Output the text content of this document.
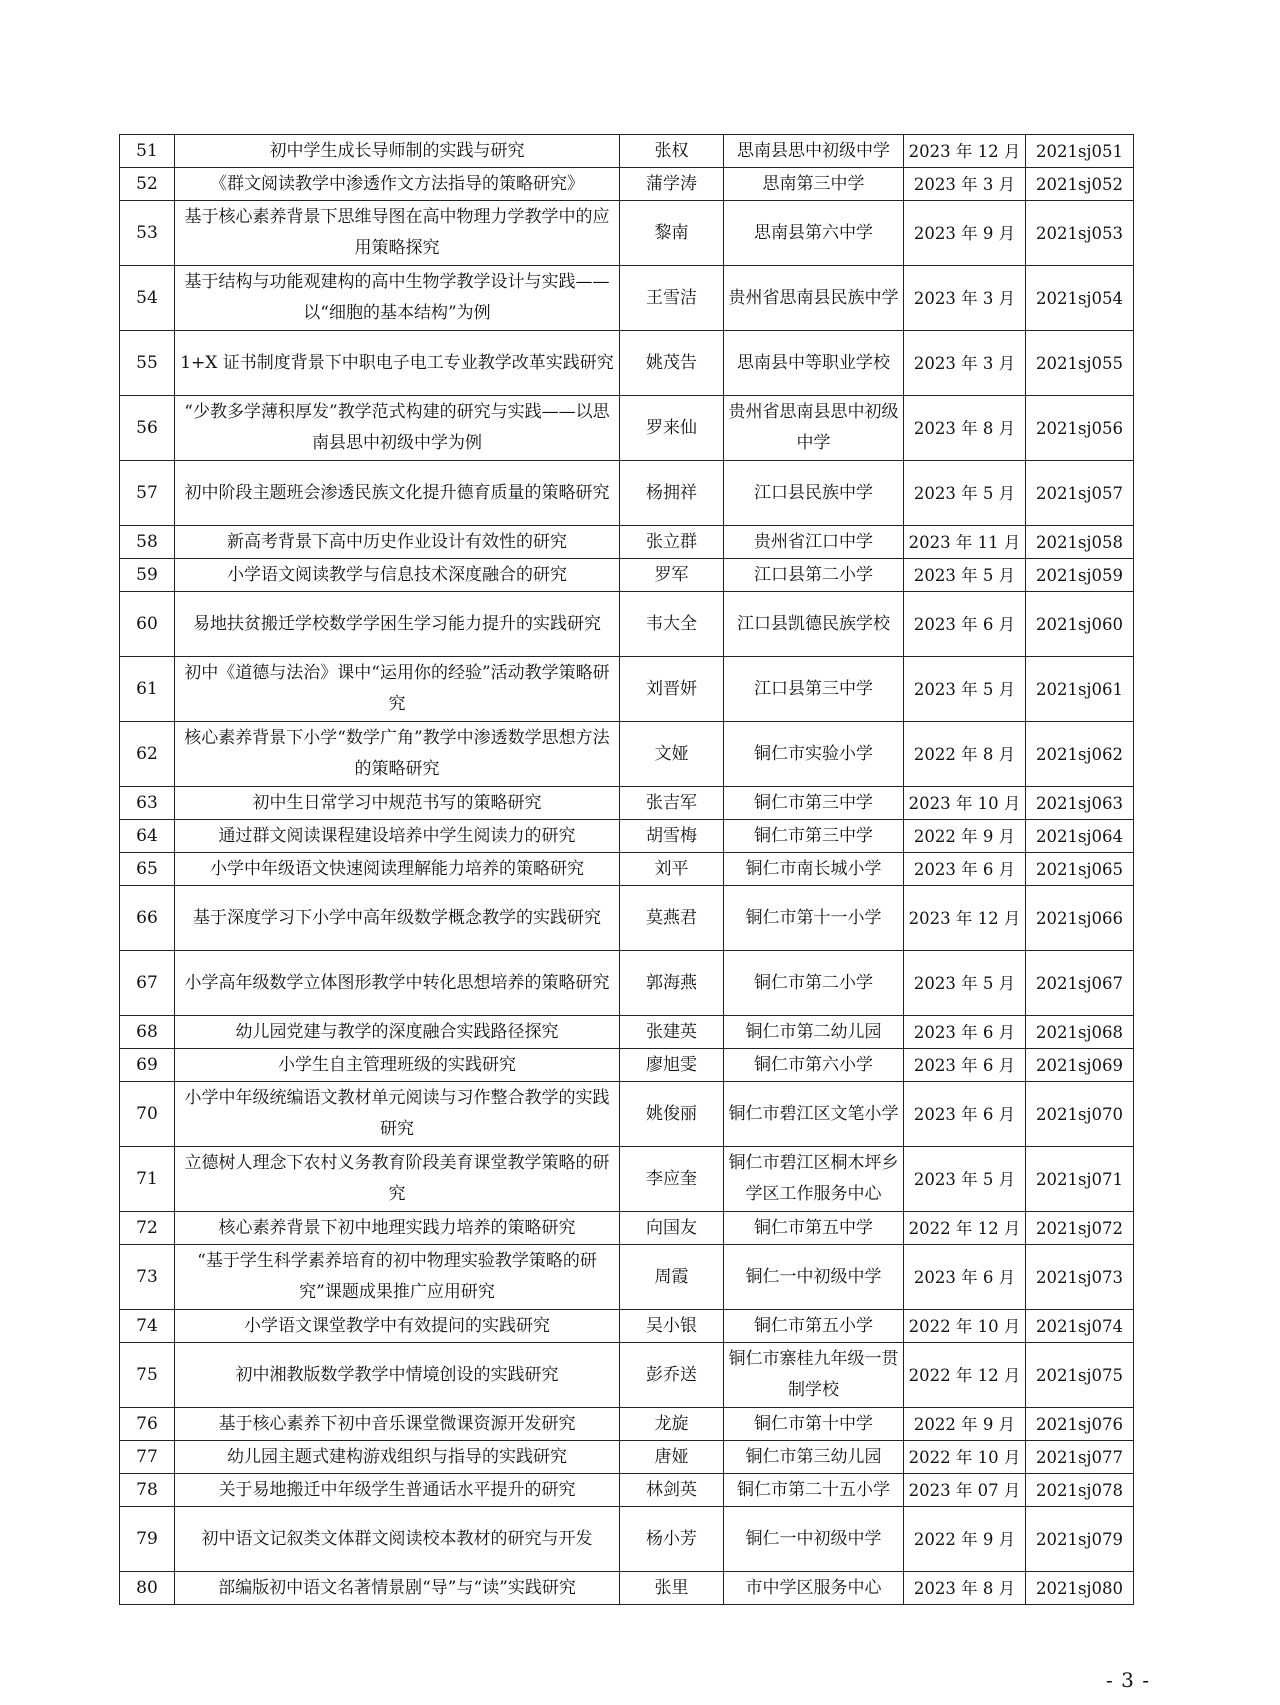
51	初中学生成长导师制的实践与研究	张权	思南县思中初级中学	2023 年 12 月	2021sj051
52	《群文阅读教学中渗透作文方法指导的策略研究》	蒲学涛	思南第三中学	2023 年 3 月	2021sj052
53	基于核心素养背景下思维导图在高中物理力学教学中的应用策略探究	黎南	思南县第六中学	2023 年 9 月	2021sj053
54	基于结构与功能观建构的高中生物学教学设计与实践——以“细胞的基本结构”为例	王雪洁	贵州省思南县民族中学	2023 年 3 月	2021sj054
55	1+X 证书制度背景下中职电子电工专业教学改革实践研究	姚茂告	思南县中等职业学校	2023 年 3 月	2021sj055
56	“少教多学薄积厚发”教学范式构建的研究与实践——以思南县思中初级中学为例	罗来仙	贵州省思南县思中初级中学	2023 年 8 月	2021sj056
57	初中阶段主题班会渗透民族文化提升德育质量的策略研究	杨拥祥	江口县民族中学	2023 年 5 月	2021sj057
58	新高考背景下高中历史作业设计有效性的研究	张立群	贵州省江口中学	2023 年 11 月	2021sj058
59	小学语文阅读教学与信息技术深度融合的研究	罗军	江口县第二小学	2023 年 5 月	2021sj059
60	易地扶贫搬迁学校数学学困生学习能力提升的实践研究	韦大全	江口县凯德民族学校	2023 年 6 月	2021sj060
61	初中《道德与法治》课中“运用你的经验”活动教学策略研究	刘晋妍	江口县第三中学	2023 年 5 月	2021sj061
62	核心素养背景下小学“数学广角”教学中渗透数学思想方法的策略研究	文娅	铜仁市实验小学	2022 年 8 月	2021sj062
63	初中生日常学习中规范书写的策略研究	张吉军	铜仁市第三中学	2023 年 10 月	2021sj063
64	通过群文阅读课程建设培养中学生阅读力的研究	胡雪梅	铜仁市第三中学	2022 年 9 月	2021sj064
65	小学中年级语文快速阅读理解能力培养的策略研究	刘平	铜仁市南长城小学	2023 年 6 月	2021sj065
66	基于深度学习下小学中高年级数学概念教学的实践研究	莫燕君	铜仁市第十一小学	2023 年 12 月	2021sj066
67	小学高年级数学立体图形教学中转化思想培养的策略研究	郭海燕	铜仁市第二小学	2023 年 5 月	2021sj067
68	幼儿园党建与教学的深度融合实践路径探究	张建英	铜仁市第二幼儿园	2023 年 6 月	2021sj068
69	小学生自主管理班级的实践研究	廖旭雯	铜仁市第六小学	2023 年 6 月	2021sj069
70	小学中年级统编语文教材单元阅读与习作整合教学的实践研究	姚俊丽	铜仁市碧江区文笔小学	2023 年 6 月	2021sj070
71	立德树人理念下农村义务教育阶段美育课堂教学策略的研究	李应奎	铜仁市碧江区桐木坪乡学区工作服务中心	2023 年 5 月	2021sj071
72	核心素养背景下初中地理实践力培养的策略研究	向国友	铜仁市第五中学	2022 年 12 月	2021sj072
73	“基于学生科学素养培育的初中物理实验教学策略的研究”课题成果推广应用研究	周霞	铜仁一中初级中学	2023 年 6 月	2021sj073
74	小学语文课堂教学中有效提问的实践研究	吴小银	铜仁市第五小学	2022 年 10 月	2021sj074
75	初中湘教版数学教学中情境创设的实践研究	彭乔送	铜仁市寨桂九年级一贯制学校	2022 年 12 月	2021sj075
76	基于核心素养下初中音乐课堂微课资源开发研究	龙旋	铜仁市第十中学	2022 年 9 月	2021sj076
77	幼儿园主题式建构游戏组织与指导的实践研究	唐娅	铜仁市第三幼儿园	2022 年 10 月	2021sj077
78	关于易地搬迁中年级学生普通话水平提升的研究	林剑英	铜仁市第二十五小学	2023 年 07 月	2021sj078
79	初中语文记叙类文体群文阅读校本教材的研究与开发	杨小芳	铜仁一中初级中学	2022 年 9 月	2021sj079
80	部编版初中语文名著情景剧“导”与“读”实践研究	张里	市中学区服务中心	2023 年 8 月	2021sj080
- 3 -
